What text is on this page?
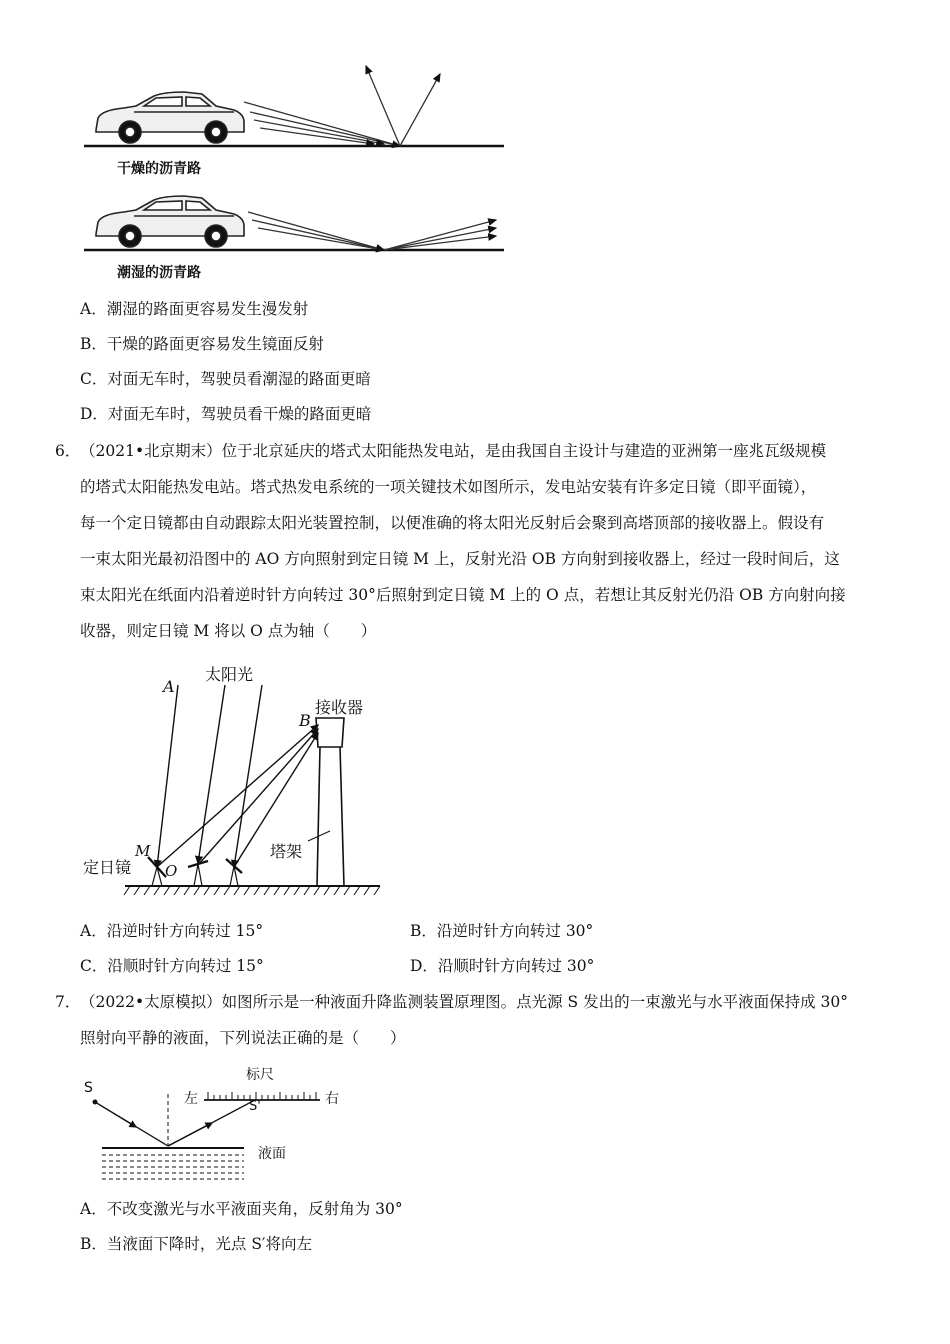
干燥的沥青路
潮湿的沥青路
A．潮湿的路面更容易发生漫发射
B．干燥的路面更容易发生镜面反射
C．对面无车时，驾驶员看潮湿的路面更暗
D．对面无车时，驾驶员看干燥的路面更暗
6． （2021•北京期末）位于北京延庆的塔式太阳能热发电站，是由我国自主设计与建造的亚洲第一座兆瓦级规模
的塔式太阳能热发电站。塔式热发电系统的一项关键技术如图所示，发电站安装有许多定日镜（即平面镜），
每一个定日镜都由自动跟踪太阳光装置控制，以便准确的将太阳光反射后会聚到高塔顶部的接收器上。假设有
一束太阳光最初沿图中的 AO 方向照射到定日镜 M 上，反射光沿 OB 方向射到接收器上，经过一段时间后，这
束太阳光在纸面内沿着逆时针方向转过 30°后照射到定日镜 M 上的 O 点，若想让其反射光仍沿 OB 方向射向接
收器，则定日镜 M 将以 O 点为轴（　　）
A
太阳光
B
接收器
M
O
定日镜
塔架
A．沿逆时针方向转过 15°	B．沿逆时针方向转过 30°
C．沿顺时针方向转过 15°	D．沿顺时针方向转过 30°
7． （2022•太原模拟）如图所示是一种液面升降监测装置原理图。点光源 S 发出的一束激光与水平液面保持成 30°
照射向平静的液面，下列说法正确的是（　　）
S
标尺
左	S'	右
液面
A．不改变激光与水平液面夹角，反射角为 30°
B．当液面下降时，光点 S′将向左
